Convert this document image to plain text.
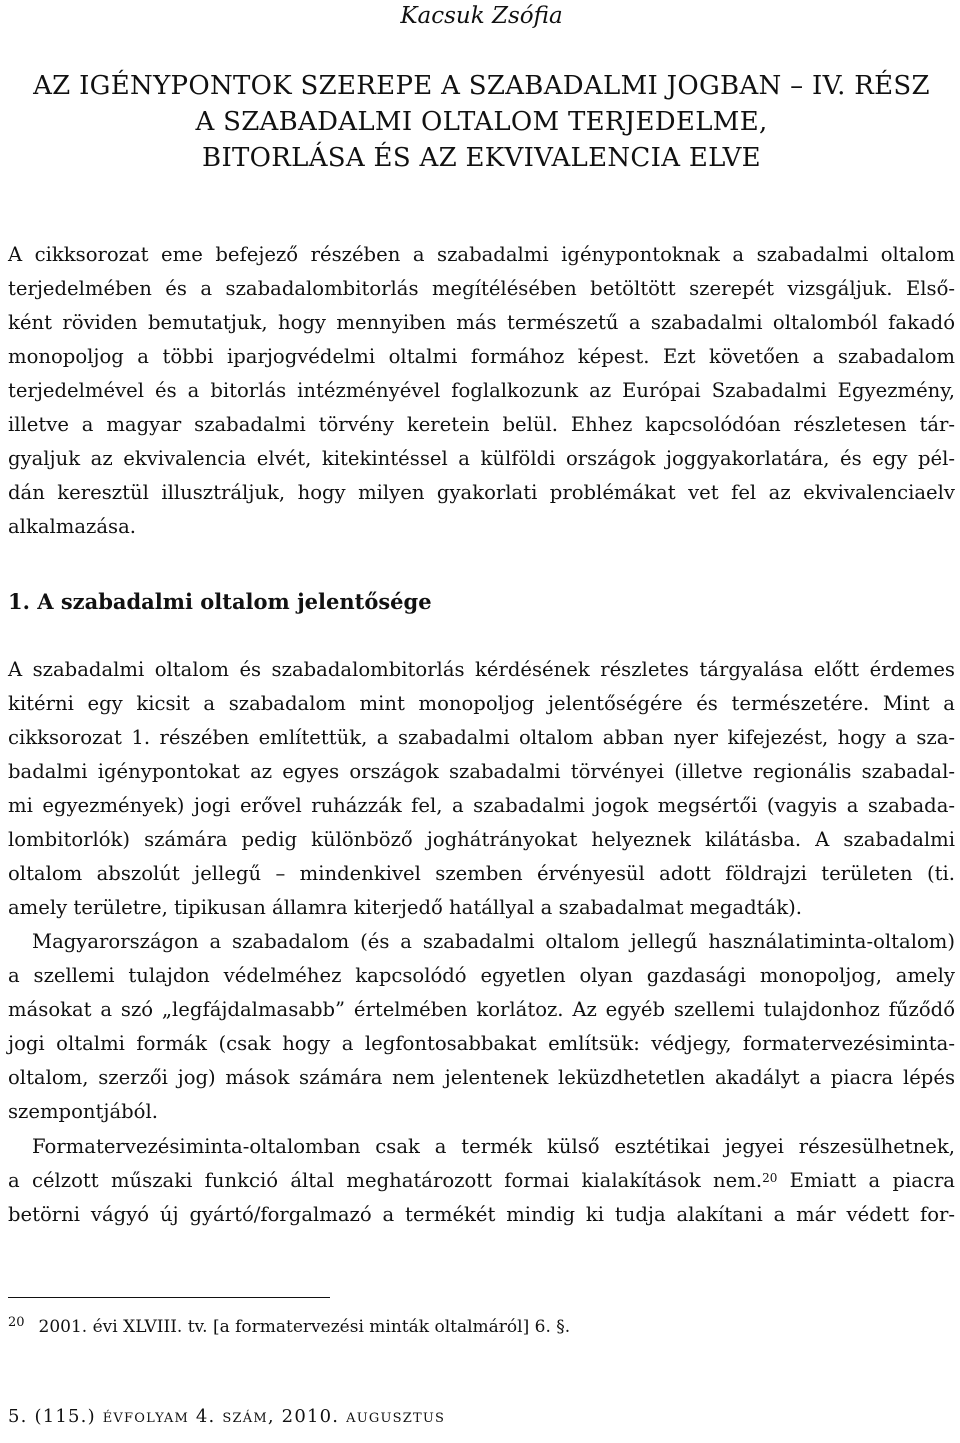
Kacsuk Zsófia
AZ IGÉNYPONTOK SZEREPE A SZABADALMI JOGBAN – IV. RÉSZ
A SZABADALMI OLTALOM TERJEDELME,
BITORLÁSA ÉS AZ EKVIVALENCIA ELVE
A cikksorozat eme befejező részében a szabadalmi igénypontoknak a szabadalmi oltalom
terjedelmében és a szabadalombitorlás megítélésében betöltött szerepét vizsgáljuk. Első-
ként röviden bemutatjuk, hogy mennyiben más természetű a szabadalmi oltalomból fakadó
monopoljog a többi iparjogvédelmi oltalmi formához képest. Ezt követően a szabadalom
terjedelmével és a bitorlás intézményével foglalkozunk az Európai Szabadalmi Egyezmény,
illetve a magyar szabadalmi törvény keretein belül. Ehhez kapcsolódóan részletesen tár-
gyaljuk az ekvivalencia elvét, kitekintéssel a külföldi országok joggyakorlatára, és egy pél-
dán keresztül illusztráljuk, hogy milyen gyakorlati problémákat vet fel az ekvivalenciaelv
alkalmazása.
1. A szabadalmi oltalom jelentősége
A szabadalmi oltalom és szabadalombitorlás kérdésének részletes tárgyalása előtt érdemes
kitérni egy kicsit a szabadalom mint monopoljog jelentőségére és természetére. Mint a
cikksorozat 1. részében említettük, a szabadalmi oltalom abban nyer kifejezést, hogy a sza-
badalmi igénypontokat az egyes országok szabadalmi törvényei (illetve regionális szabadal-
mi egyezmények) jogi erővel ruházzák fel, a szabadalmi jogok megsértői (vagyis a szabada-
lombitorlók) számára pedig különböző joghátrányokat helyeznek kilátásba. A szabadalmi
oltalom abszolút jellegű – mindenkivel szemben érvényesül adott földrajzi területen (ti.
amely területre, tipikusan államra kiterjedő hatállyal a szabadalmat megadták).
Magyarországon a szabadalom (és a szabadalmi oltalom jellegű használatiminta-oltalom)
a szellemi tulajdon védelméhez kapcsolódó egyetlen olyan gazdasági monopoljog, amely
másokat a szó „legfájdalmasabb” értelmében korlátoz. Az egyéb szellemi tulajdonhoz fűződő
jogi oltalmi formák (csak hogy a legfontosabbakat említsük: védjegy, formatervezésiminta-
oltalom, szerzői jog) mások számára nem jelentenek leküzdhetetlen akadályt a piacra lépés
szempontjából.
Formatervezésiminta-oltalomban csak a termék külső esztétikai jegyei részesülhetnek,
a célzott műszaki funkció által meghatározott formai kialakítások nem.$^{20}$ Emiatt a piacra
betörni vágyó új gyártó/forgalmazó a termékét mindig ki tudja alakítani a már védett for-
$^{20}$ 2001. évi XLVIII. tv. [a formatervezési minták oltalmáról] 6. §.
5. (115.) évfolyam 4. szám, 2010. augusztus
